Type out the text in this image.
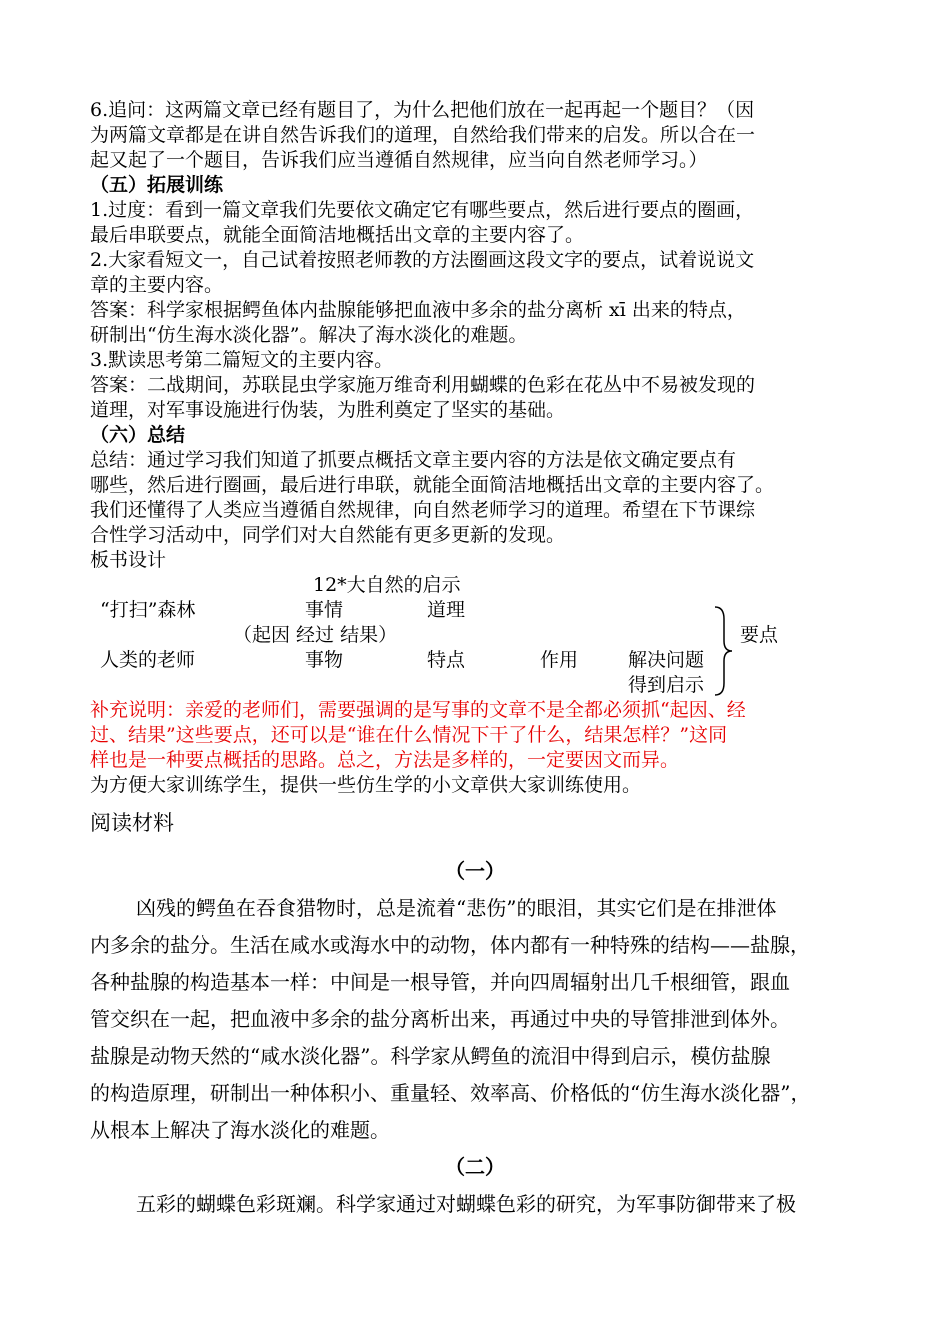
6.追问：这两篇文章已经有题目了，为什么把他们放在一起再起一个题目？（因
为两篇文章都是在讲自然告诉我们的道理，自然给我们带来的启发。所以合在一
起又起了一个题目，告诉我们应当遵循自然规律，应当向自然老师学习。）
（五）拓展训练
1.过度：看到一篇文章我们先要依文确定它有哪些要点，然后进行要点的圈画，
最后串联要点，就能全面简洁地概括出文章的主要内容了。
2.大家看短文一，自己试着按照老师教的方法圈画这段文字的要点，试着说说文
章的主要内容。
答案：科学家根据鳄鱼体内盐腺能够把血液中多余的盐分离析 xī 出来的特点，
研制出“仿生海水淡化器”。解决了海水淡化的难题。
3.默读思考第二篇短文的主要内容。
答案：二战期间，苏联昆虫学家施万维奇利用蝴蝶的色彩在花丛中不易被发现的
道理，对军事设施进行伪装，为胜利奠定了坚实的基础。
（六）总结
总结：通过学习我们知道了抓要点概括文章主要内容的方法是依文确定要点有
哪些，然后进行圈画，最后进行串联，就能全面简洁地概括出文章的主要内容了。
我们还懂得了人类应当遵循自然规律，向自然老师学习的道理。希望在下节课综
合性学习活动中，同学们对大自然能有更多更新的发现。
板书设计
12*大自然的启示
“打扫”森林	事情	道理
（起因 经过 结果）
人类的老师	事物	特点	作用	解决问题
得到启示
要点
补充说明：亲爱的老师们，需要强调的是写事的文章不是全都必须抓“起因、经
过、结果”这些要点，还可以是“谁在什么情况下干了什么，结果怎样？”这同
样也是一种要点概括的思路。总之，方法是多样的，一定要因文而异。
为方便大家训练学生，提供一些仿生学的小文章供大家训练使用。
阅读材料
（一）
凶残的鳄鱼在吞食猎物时，总是流着“悲伤”的眼泪，其实它们是在排泄体
内多余的盐分。生活在咸水或海水中的动物，体内都有一种特殊的结构——盐腺，
各种盐腺的构造基本一样：中间是一根导管，并向四周辐射出几千根细管，跟血
管交织在一起，把血液中多余的盐分离析出来，再通过中央的导管排泄到体外。
盐腺是动物天然的“咸水淡化器”。科学家从鳄鱼的流泪中得到启示，模仿盐腺
的构造原理，研制出一种体积小、重量轻、效率高、价格低的“仿生海水淡化器”，
从根本上解决了海水淡化的难题。
（二）
五彩的蝴蝶色彩斑斓。科学家通过对蝴蝶色彩的研究，为军事防御带来了极
